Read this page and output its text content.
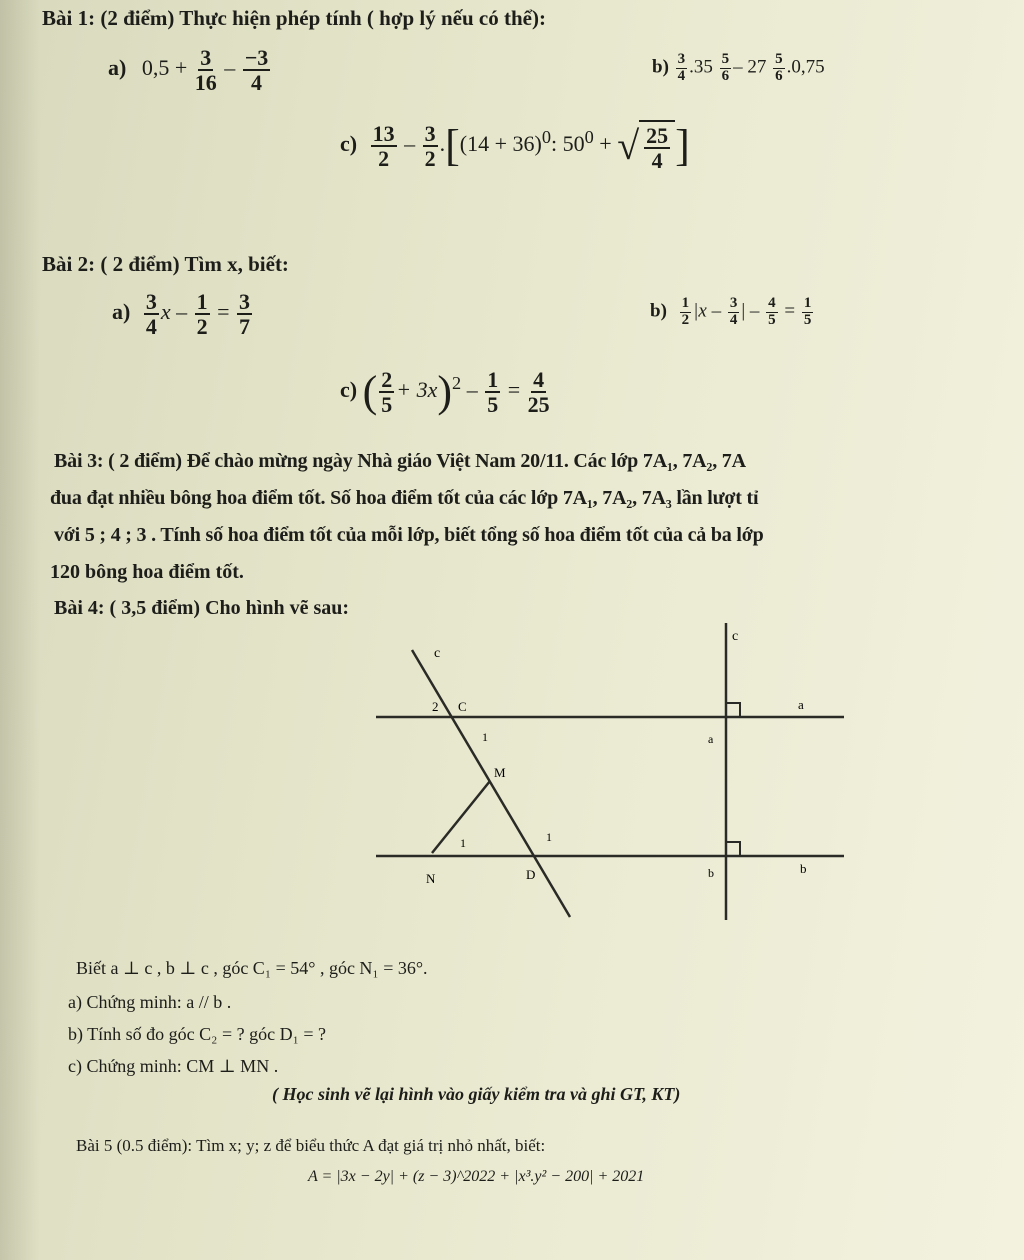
Bài 1: (2 điểm) Thực hiện phép tính ( hợp lý nếu có thể):
a) $0,5 + \frac{3}{16} - \frac{-3}{4}$	$b) \frac{3}{4} .35 \frac{5}{6} - 27 \frac{5}{6} .0,75$
$c) \frac{13}{2} - \frac{3}{2} .[(14 + 36)^0$: $50^0$ + √ $\frac{25}{4}$ ]
Bài 2: ( 2 điểm) Tìm x, biết:
$a) \frac{3}{4}$ $x - \frac{1}{2} = \frac{3}{7}$	$b) \frac{1}{2} |x - \frac{3}{4}$ | – $\frac{4}{5} = \frac{1}{5}$
c) ( $\frac{2}{5} + 3x)^2 - \frac{1}{5} = \frac{4}{25}$
Bài 3: ( 2 điểm) Để chào mừng ngày Nhà giáo Việt Nam 20/11. Các lớp 7A₁, 7A₂, 7A
đua đạt nhiều bông hoa điểm tốt. Số hoa điểm tốt của các lớp 7A₁, 7A₂, 7A₃ lần lượt tỉ
với 5 ; 4 ; 3 . Tính số hoa điểm tốt của mỗi lớp, biết tổng số hoa điểm tốt của cả ba lớp
120 bông hoa điểm tốt.
Bài 4: ( 3,5 điểm) Cho hình vẽ sau:
c
c
a
b
2 C
1
M
1
N	D
1
a
b
Biết a ⊥ c , b ⊥ c , góc C₁ = 54° , góc N₁ = 36°.
a) Chứng minh: a // b .
b) Tính số đo góc C₂ = ? góc D₁ = ?
c) Chứng minh: CM ⊥ MN .
( Học sinh vẽ lại hình vào giấy kiểm tra và ghi GT, KT)
Bài 5 (0.5 điểm): Tìm x; y; z để biểu thức A đạt giá trị nhỏ nhất, biết:
A = |3x − 2y| + (z − 3)^2022 + |x³.y² − 200| + 2021
